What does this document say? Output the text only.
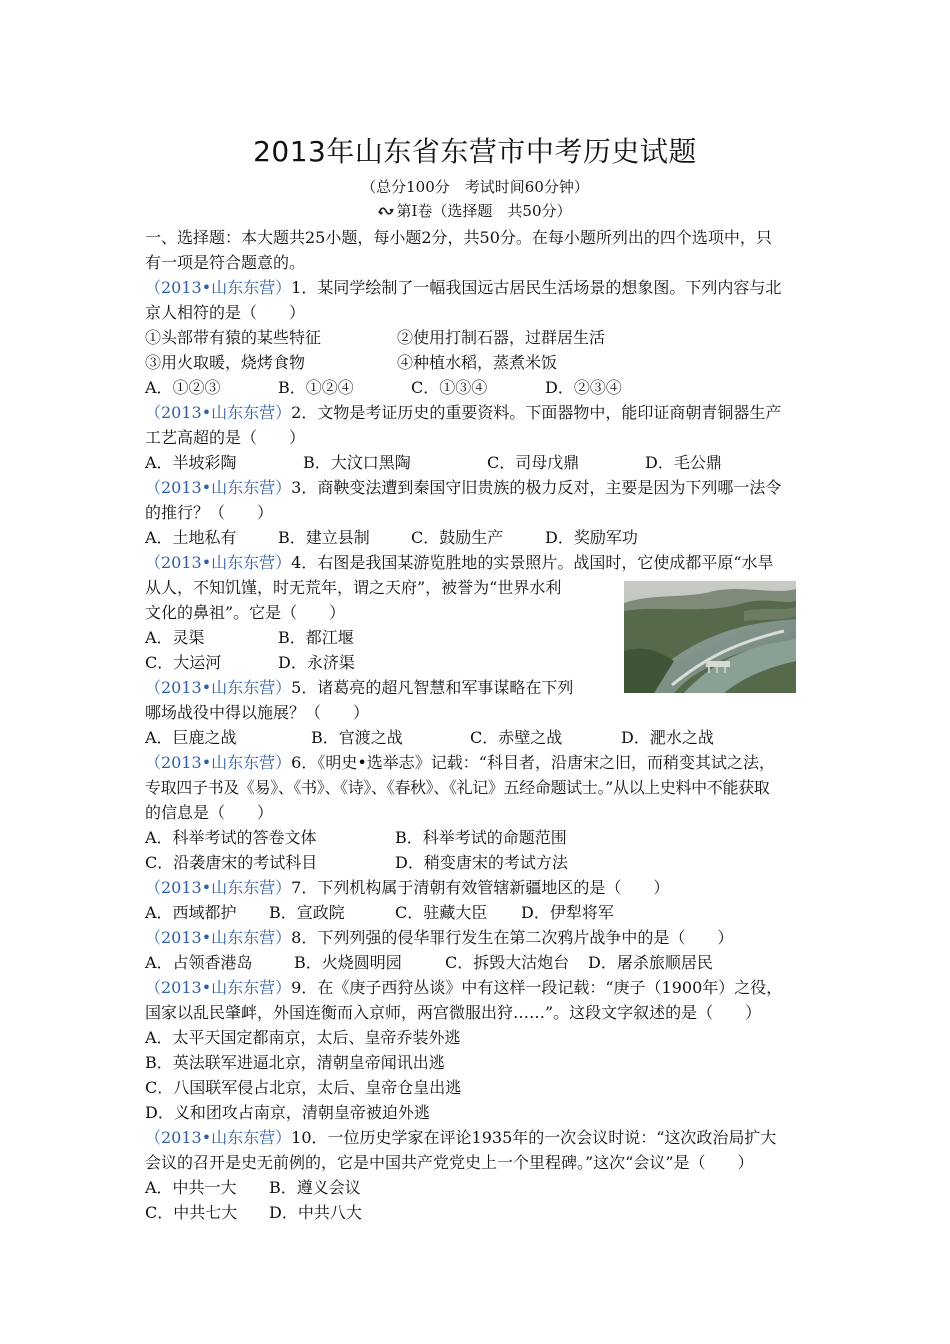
2013年山东省东营市中考历史试题
（总分100分　考试时间60分钟）
第Ⅰ卷（选择题　共50分）
一、选择题：本大题共25小题，每小题2分，共50分。在每小题所列出的四个选项中，只
有一项是符合题意的。
（2013•山东东营）1．某同学绘制了一幅我国远古居民生活场景的想象图。下列内容与北
京人相符的是（　　）
①头部带有猿的某些特征	②使用打制石器，过群居生活
③用火取暖，烧烤食物	④种植水稻，蒸煮米饭
A．①②③	B．①②④	C．①③④	D．②③④
（2013•山东东营）2．文物是考证历史的重要资料。下面器物中，能印证商朝青铜器生产
工艺高超的是（　　）
A．半坡彩陶	B．大汶口黑陶	C．司母戊鼎	D．毛公鼎
（2013•山东东营）3．商鞅变法遭到秦国守旧贵族的极力反对，主要是因为下列哪一法令
的推行？（　　）
A．土地私有	B．建立县制	C．鼓励生产	D．奖励军功
（2013•山东东营）4．右图是我国某游览胜地的实景照片。战国时，它使成都平原“水旱
从人，不知饥馑，时无荒年，谓之天府”，被誉为“世界水利
文化的鼻祖”。它是（　　）
A．灵渠	B．都江堰
C．大运河	D．永济渠
（2013•山东东营）5．诸葛亮的超凡智慧和军事谋略在下列
哪场战役中得以施展？（　　）
A．巨鹿之战	B．官渡之战	C．赤壁之战	D．淝水之战
（2013•山东东营）6．《明史•选举志》记载：“科目者，沿唐宋之旧，而稍变其试之法，
专取四子书及《易》、《书》、《诗》、《春秋》、《礼记》五经命题试士。”从以上史料中不能获取
的信息是（　　）
A．科举考试的答卷文体	B．科举考试的命题范围
C．沿袭唐宋的考试科目	D．稍变唐宋的考试方法
（2013•山东东营）7．下列机构属于清朝有效管辖新疆地区的是（　　）
A．西域都护 B．宣政院	C．驻藏大臣 D．伊犁将军
（2013•山东东营）8．下列列强的侵华罪行发生在第二次鸦片战争中的是（　　）
A．占领香港岛	B．火烧圆明园	C．拆毁大沽炮台 D．屠杀旅顺居民
（2013•山东东营）9．在《庚子西狩丛谈》中有这样一段记载：“庚子（1900年）之役，
国家以乱民肇衅，外国连衡而入京师，两宫微服出狩……”。这段文字叙述的是（　　）
A．太平天国定都南京，太后、皇帝乔装外逃
B．英法联军进逼北京，清朝皇帝闻讯出逃
C．八国联军侵占北京，太后、皇帝仓皇出逃
D．义和团攻占南京，清朝皇帝被迫外逃
（2013•山东东营）10．一位历史学家在评论1935年的一次会议时说：“这次政治局扩大
会议的召开是史无前例的，它是中国共产党党史上一个里程碑。”这次“会议”是（　　）
A．中共一大 B．遵义会议
C．中共七大 D．中共八大
